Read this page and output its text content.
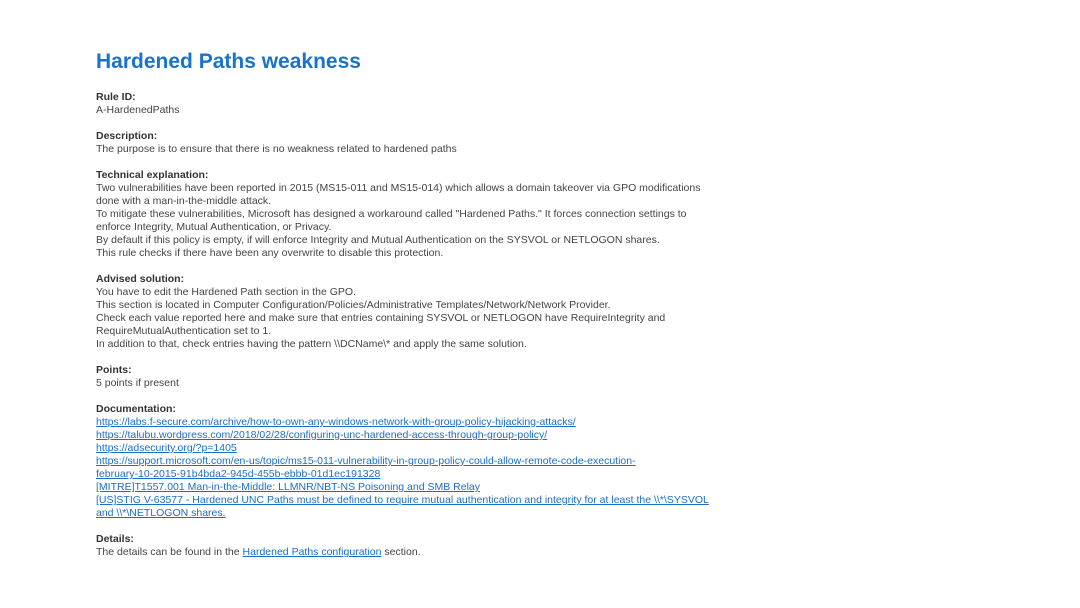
Hardened Paths weakness
Rule ID:
A-HardenedPaths
Description:
The purpose is to ensure that there is no weakness related to hardened paths
Technical explanation:
Two vulnerabilities have been reported in 2015 (MS15-011 and MS15-014) which allows a domain takeover via GPO modifications
done with a man-in-the-middle attack.
To mitigate these vulnerabilities, Microsoft has designed a workaround called "Hardened Paths." It forces connection settings to
enforce Integrity, Mutual Authentication, or Privacy.
By default if this policy is empty, if will enforce Integrity and Mutual Authentication on the SYSVOL or NETLOGON shares.
This rule checks if there have been any overwrite to disable this protection.
Advised solution:
You have to edit the Hardened Path section in the GPO.
This section is located in Computer Configuration/Policies/Administrative Templates/Network/Network Provider.
Check each value reported here and make sure that entries containing SYSVOL or NETLOGON have RequireIntegrity and
RequireMutualAuthentication set to 1.
In addition to that, check entries having the pattern \\DCName\* and apply the same solution.
Points:
5 points if present
Documentation:
https://labs.f-secure.com/archive/how-to-own-any-windows-network-with-group-policy-hijacking-attacks/
https://talubu.wordpress.com/2018/02/28/configuring-unc-hardened-access-through-group-policy/
https://adsecurity.org/?p=1405
https://support.microsoft.com/en-us/topic/ms15-011-vulnerability-in-group-policy-could-allow-remote-code-execution-
february-10-2015-91b4bda2-945d-455b-ebbb-01d1ec191328
[MITRE]T1557.001 Man-in-the-Middle: LLMNR/NBT-NS Poisoning and SMB Relay
[US]STIG V-63577 - Hardened UNC Paths must be defined to require mutual authentication and integrity for at least the \\*\SYSVOL
and \\*\NETLOGON shares.
Details:
The details can be found in the Hardened Paths configuration section.
